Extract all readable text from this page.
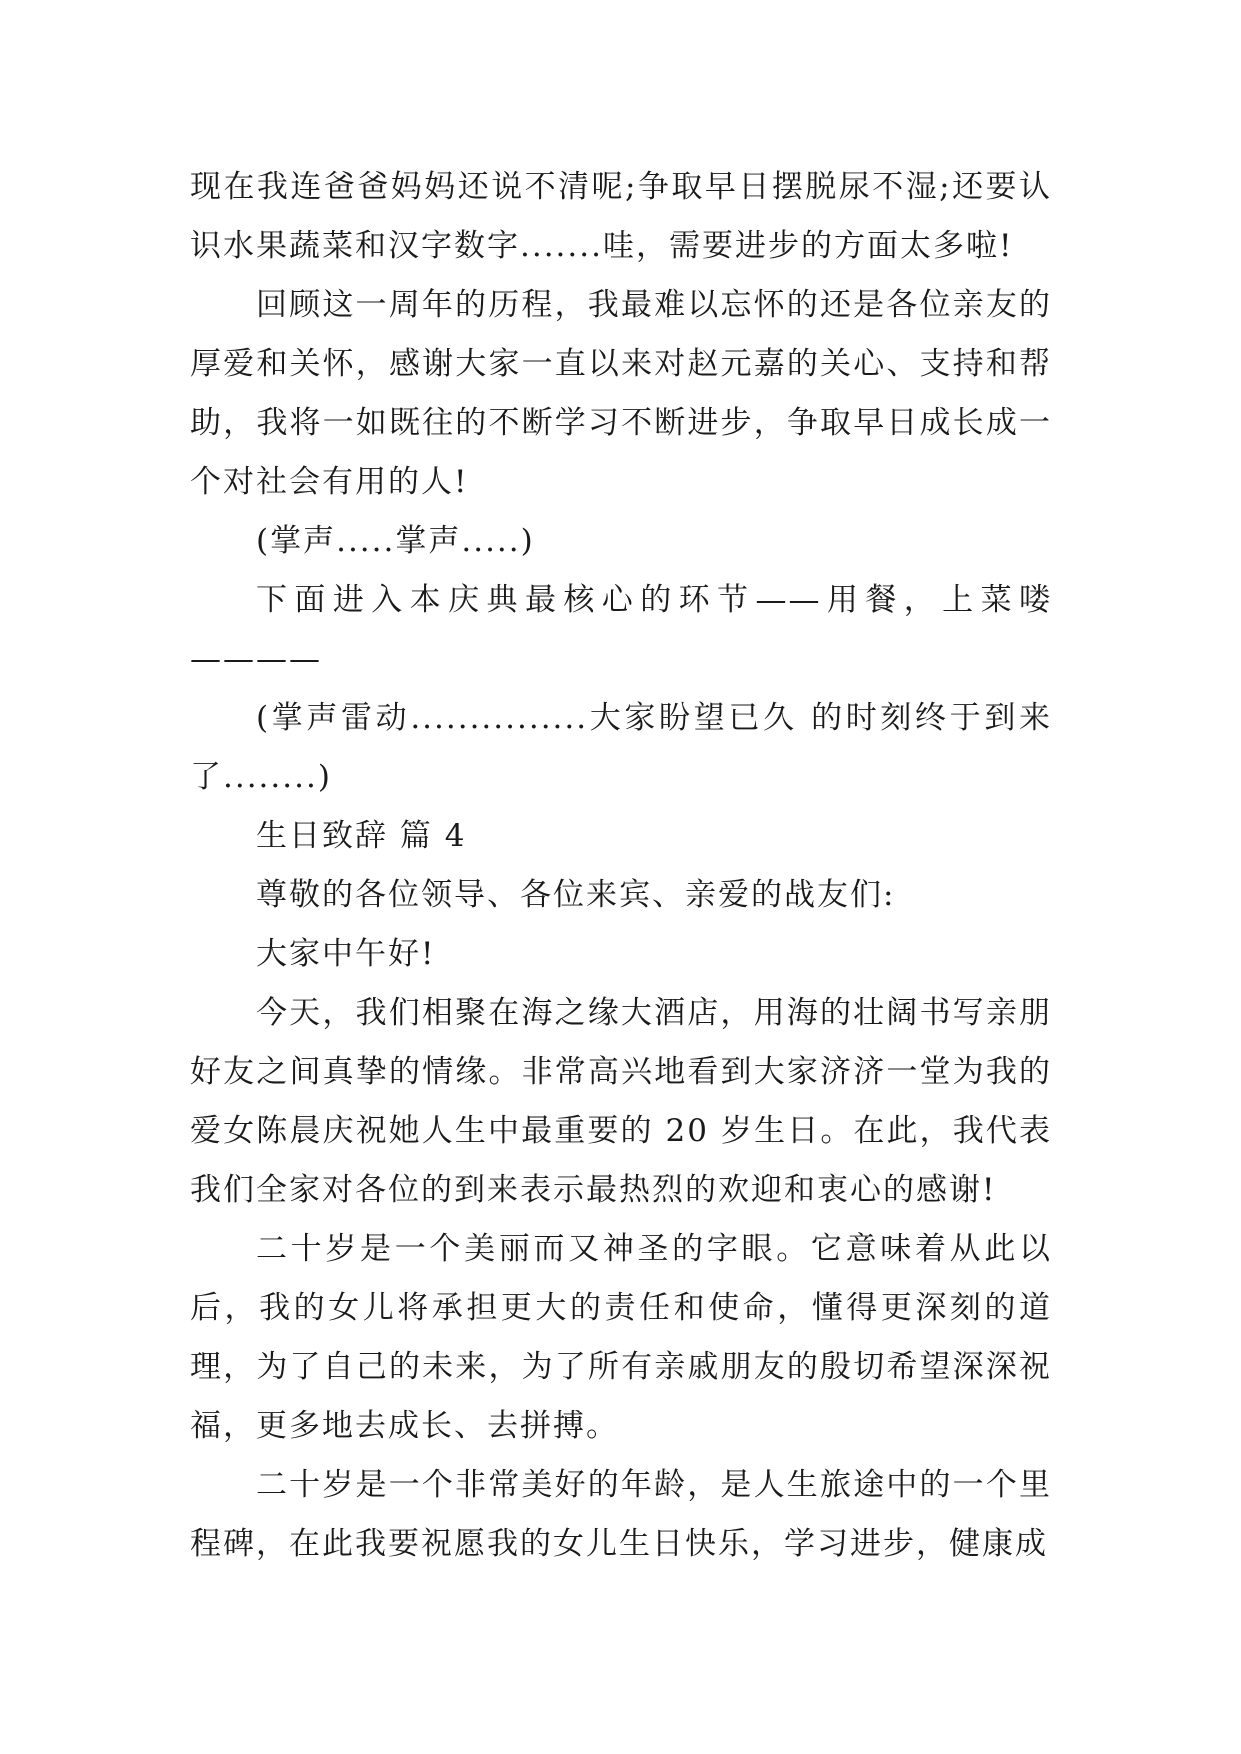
现在我连爸爸妈妈还说不清呢;争取早日摆脱尿不湿;还要认识水果蔬菜和汉字数字.......哇，需要进步的方面太多啦!

回顾这一周年的历程，我最难以忘怀的还是各位亲友的厚爱和关怀，感谢大家一直以来对赵元嘉的关心、支持和帮助，我将一如既往的不断学习不断进步，争取早日成长成一个对社会有用的人!

(掌声.....掌声.....)

下面进入本庆典最核心的环节——用餐，上菜喽————

(掌声雷动...............大家盼望已久 的时刻终于到来了........)

生日致辞 篇 4

尊敬的各位领导、各位来宾、亲爱的战友们:

大家中午好!

今天，我们相聚在海之缘大酒店，用海的壮阔书写亲朋好友之间真挚的情缘。非常高兴地看到大家济济一堂为我的爱女陈晨庆祝她人生中最重要的 20 岁生日。在此，我代表我们全家对各位的到来表示最热烈的欢迎和衷心的感谢!

二十岁是一个美丽而又神圣的字眼。它意味着从此以后，我的女儿将承担更大的责任和使命，懂得更深刻的道理，为了自己的未来，为了所有亲戚朋友的殷切希望深深祝福，更多地去成长、去拼搏。

二十岁是一个非常美好的年龄，是人生旅途中的一个里程碑，在此我要祝愿我的女儿生日快乐，学习进步，健康成
